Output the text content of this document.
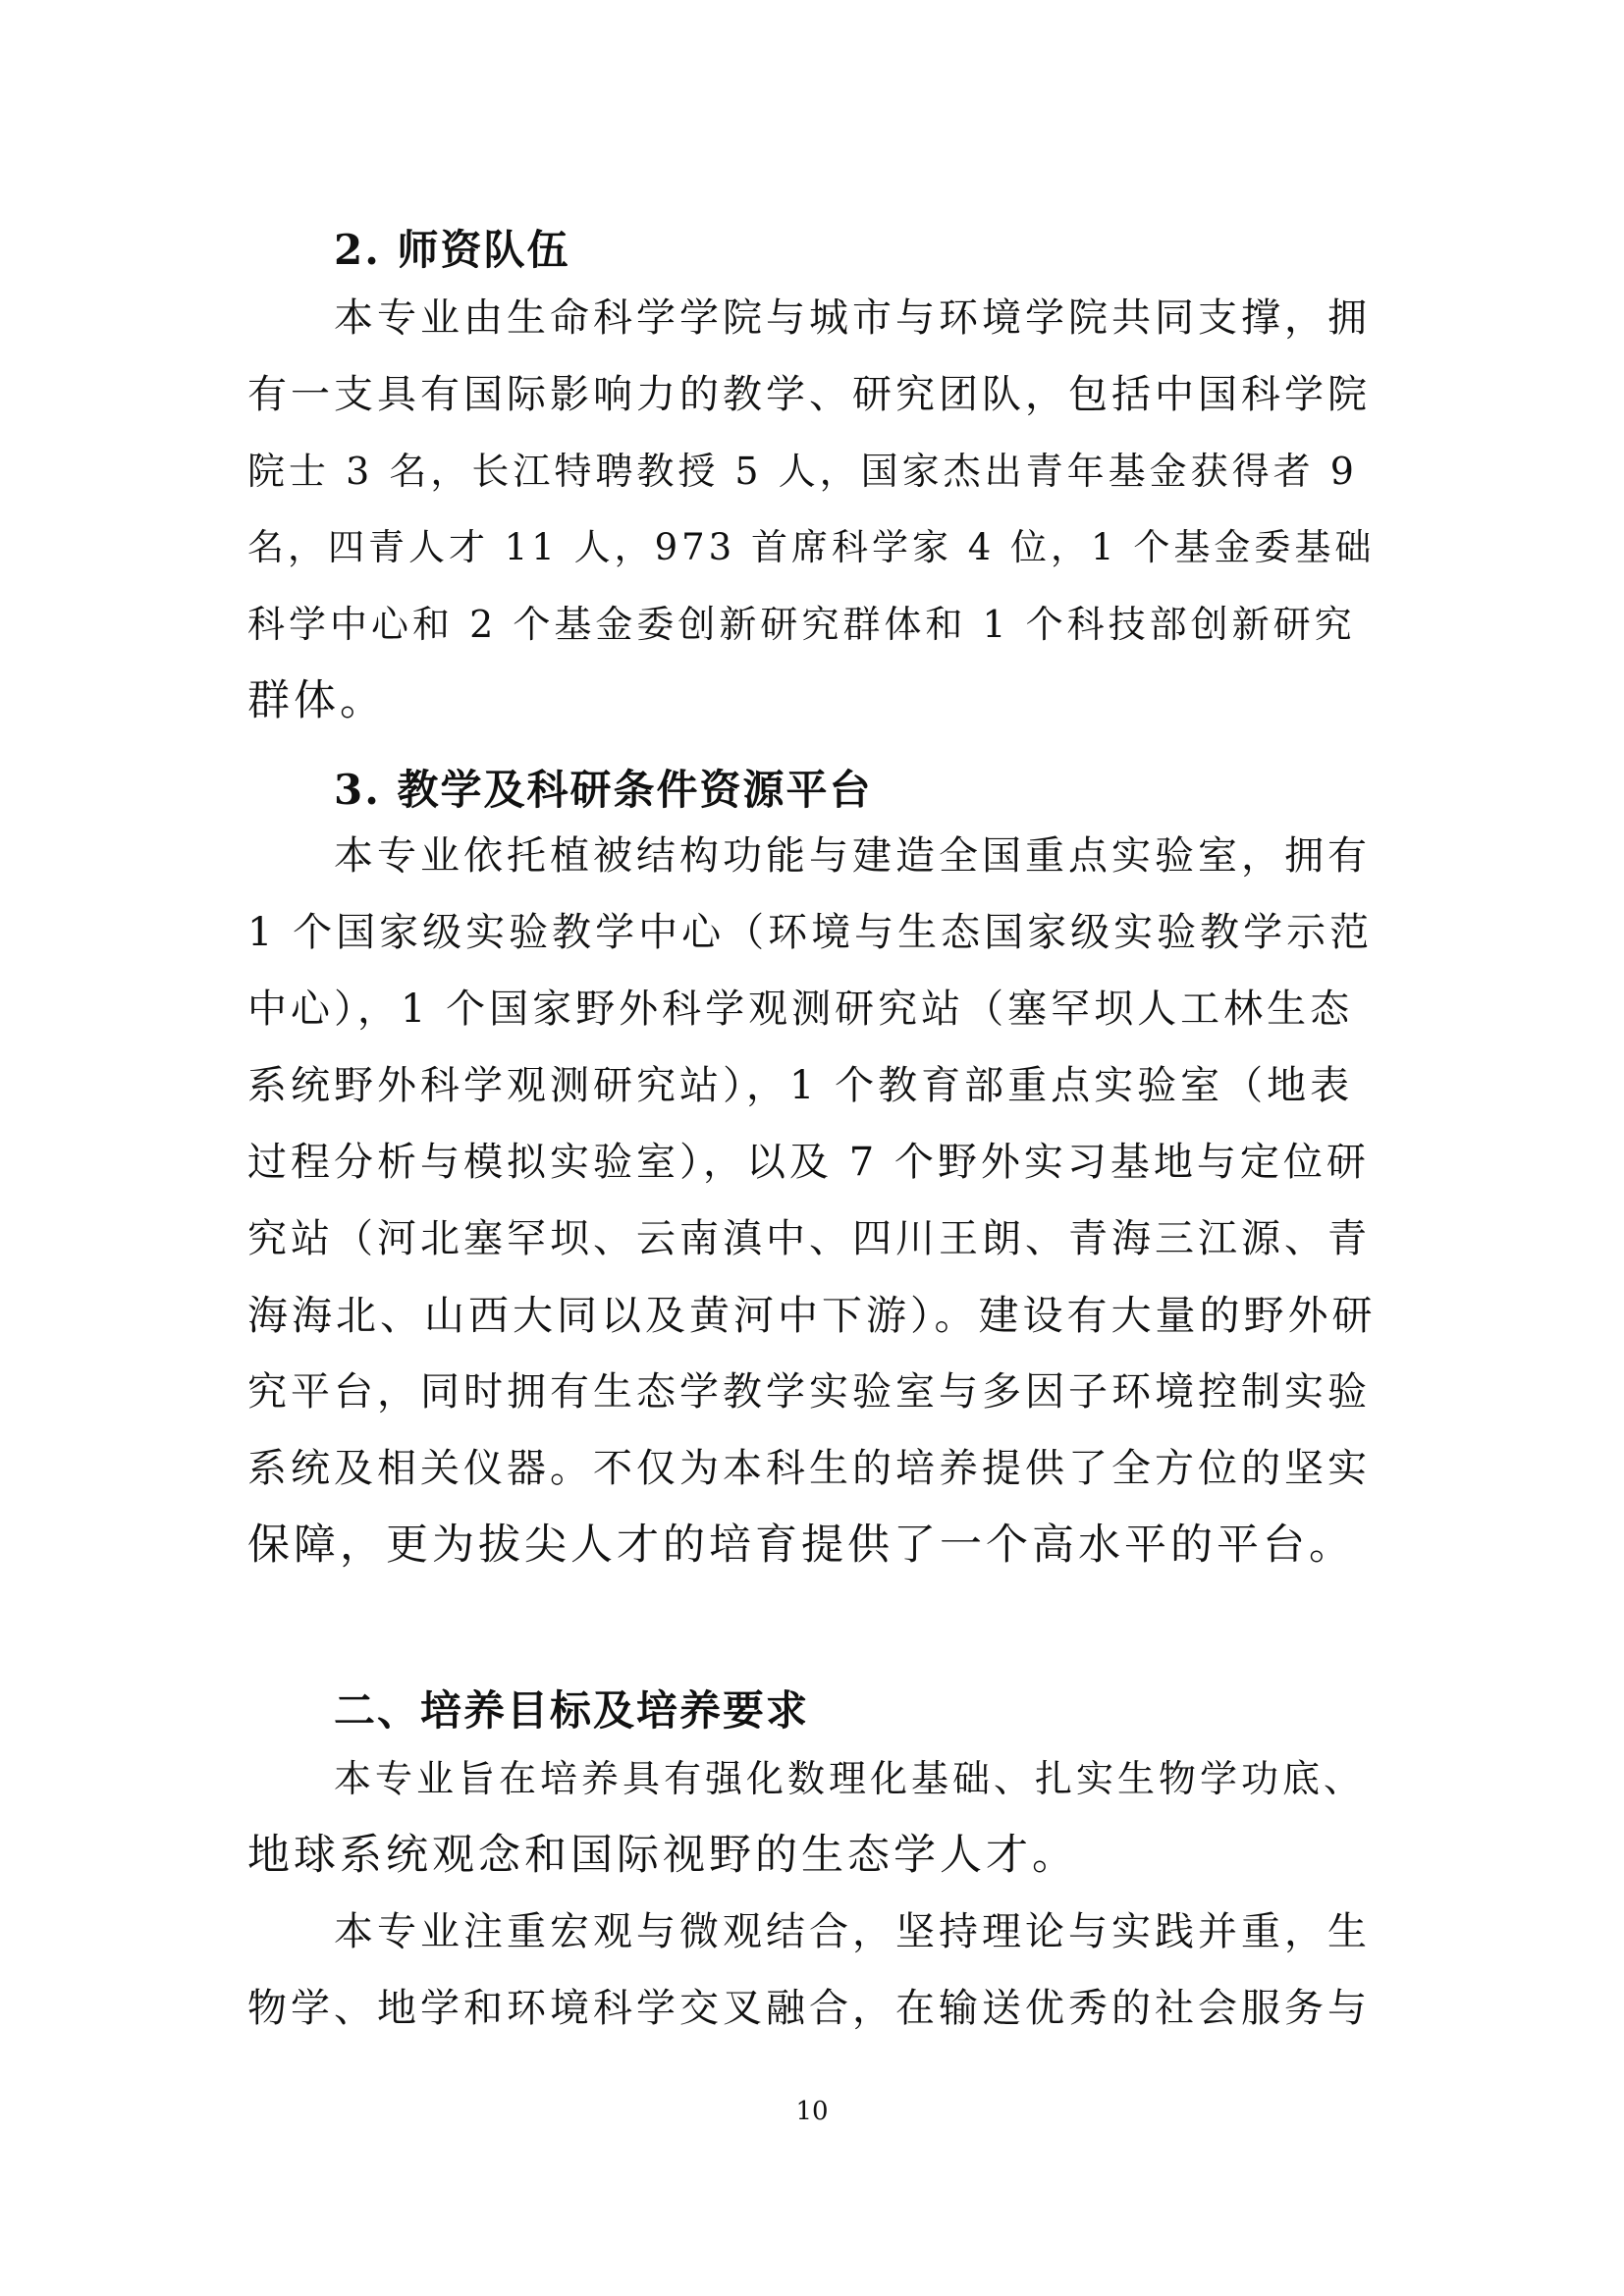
2. 师资队伍
本专业由生命科学学院与城市与环境学院共同支撑，拥
有一支具有国际影响力的教学、研究团队，包括中国科学院
院士 3 名，长江特聘教授 5 人，国家杰出青年基金获得者 9
名，四青人才 11 人，973 首席科学家 4 位，1 个基金委基础
科学中心和 2 个基金委创新研究群体和 1 个科技部创新研究
群体。
3. 教学及科研条件资源平台
本专业依托植被结构功能与建造全国重点实验室，拥有
1 个国家级实验教学中心（环境与生态国家级实验教学示范
中心），1 个国家野外科学观测研究站（塞罕坝人工林生态
系统野外科学观测研究站），1 个教育部重点实验室（地表
过程分析与模拟实验室），以及 7 个野外实习基地与定位研
究站（河北塞罕坝、云南滇中、四川王朗、青海三江源、青
海海北、山西大同以及黄河中下游）。建设有大量的野外研
究平台，同时拥有生态学教学实验室与多因子环境控制实验
系统及相关仪器。不仅为本科生的培养提供了全方位的坚实
保障，更为拔尖人才的培育提供了一个高水平的平台。
二、培养目标及培养要求
本专业旨在培养具有强化数理化基础、扎实生物学功底、
地球系统观念和国际视野的生态学人才。
本专业注重宏观与微观结合，坚持理论与实践并重，生
物学、地学和环境科学交叉融合，在输送优秀的社会服务与
10
